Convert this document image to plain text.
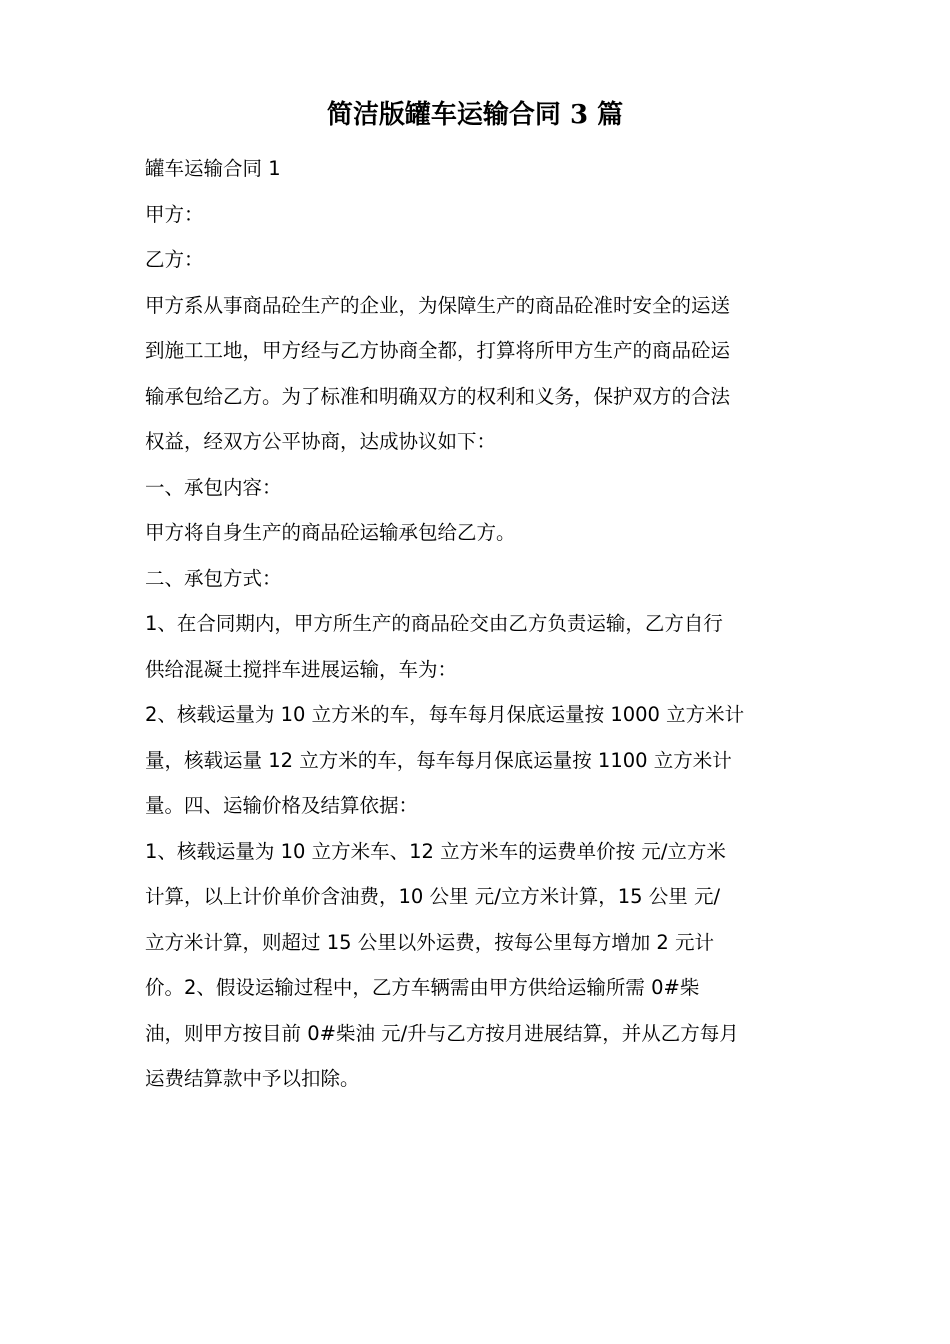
简洁版罐车运输合同 3 篇

罐车运输合同 1

甲方：

乙方：

甲方系从事商品砼生产的企业，为保障生产的商品砼准时安全的运送

到施工工地，甲方经与乙方协商全都，打算将所甲方生产的商品砼运

输承包给乙方。为了标准和明确双方的权利和义务，保护双方的合法

权益，经双方公平协商，达成协议如下：

一、承包内容：

甲方将自身生产的商品砼运输承包给乙方。

二、承包方式：

1、在合同期内，甲方所生产的商品砼交由乙方负责运输，乙方自行

供给混凝土搅拌车进展运输，车为：

2、核载运量为 10 立方米的车，每车每月保底运量按 1000 立方米计

量，核载运量 12 立方米的车，每车每月保底运量按 1100 立方米计

量。四、运输价格及结算依据：

1、核载运量为 10 立方米车、12 立方米车的运费单价按 元/立方米

计算，以上计价单价含油费，10 公里 元/立方米计算，15 公里 元/

立方米计算，则超过 15 公里以外运费，按每公里每方增加 2 元计

价。2、假设运输过程中，乙方车辆需由甲方供给运输所需 0#柴

油，则甲方按目前 0#柴油 元/升与乙方按月进展结算，并从乙方每月

运费结算款中予以扣除。
